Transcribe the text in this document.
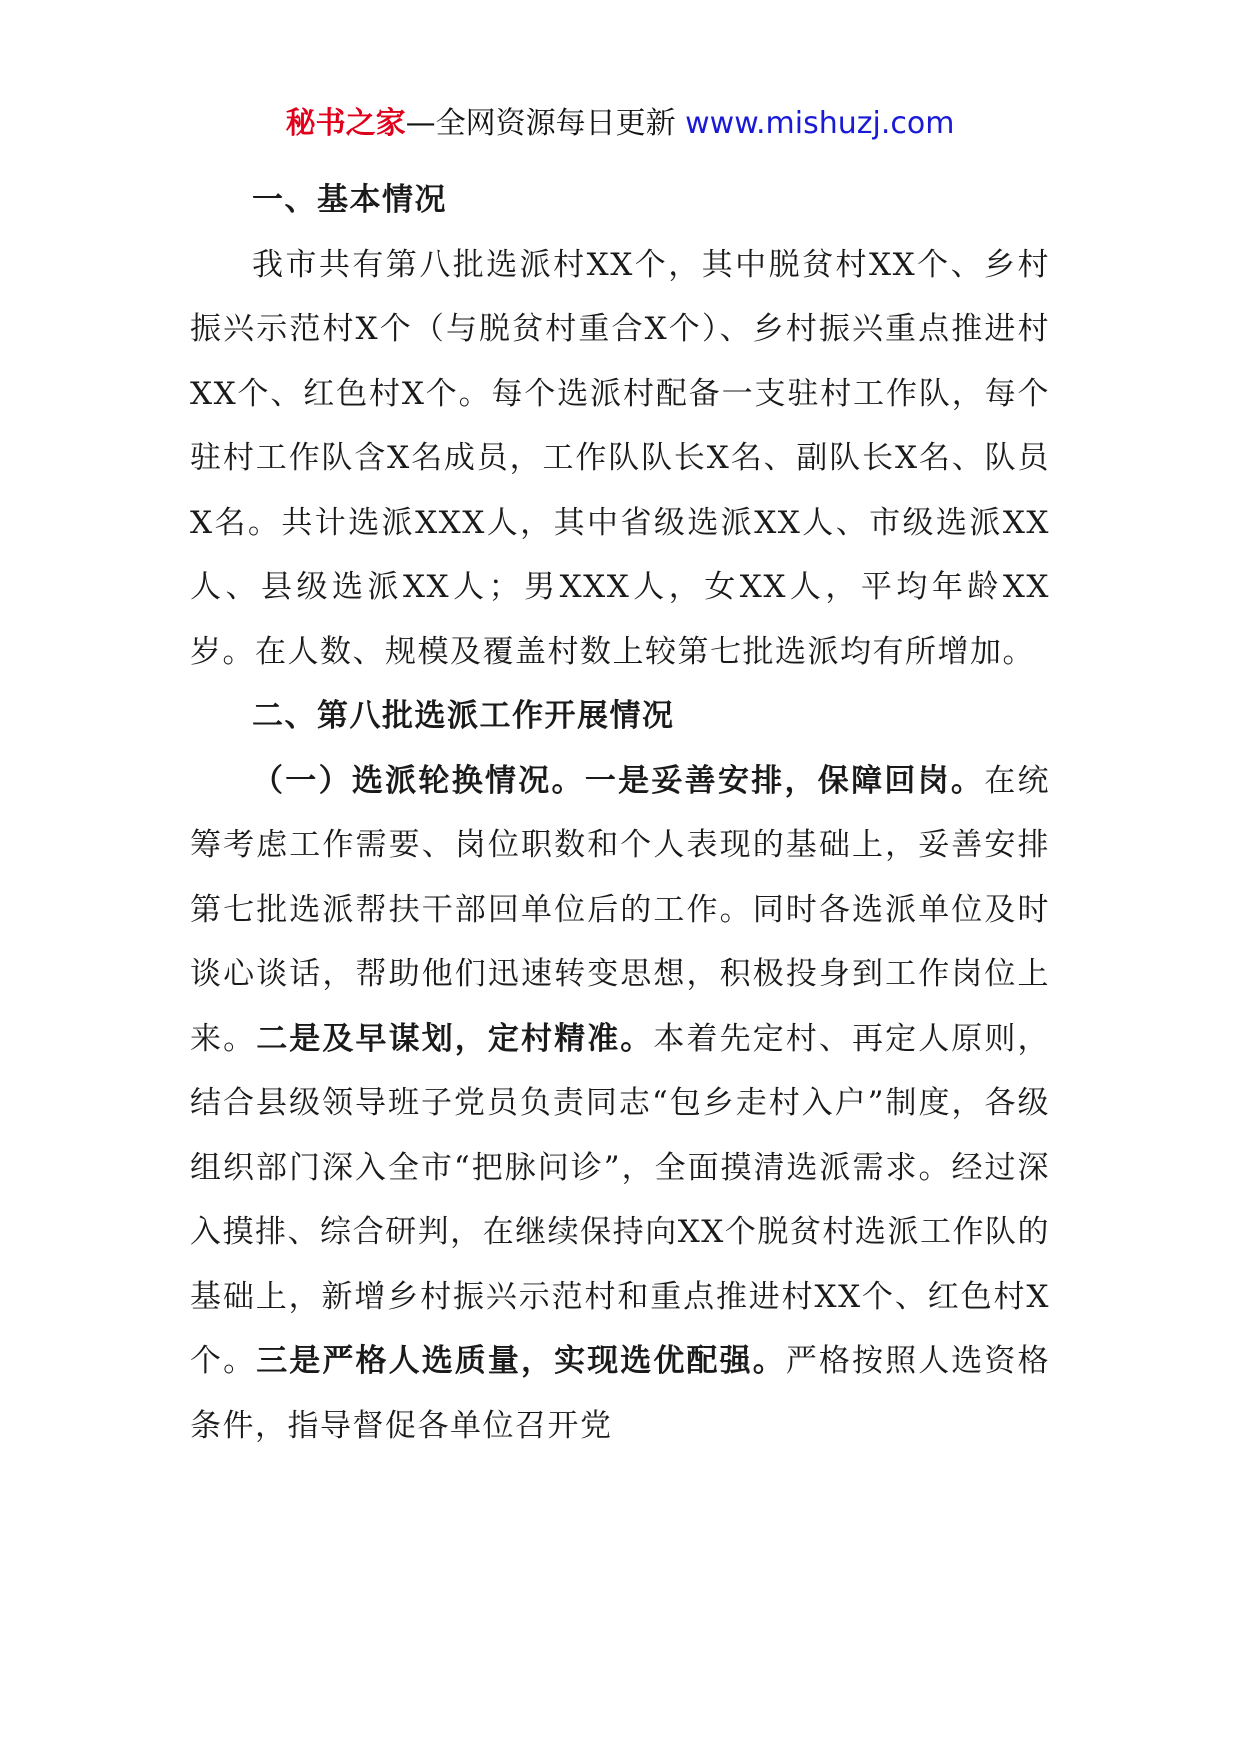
秘书之家—全网资源每日更新 www.mishuzj.com

一、基本情况

我市共有第八批选派村XX个，其中脱贫村XX个、乡村振兴示范村X个（与脱贫村重合X个）、乡村振兴重点推进村XX个、红色村X个。每个选派村配备一支驻村工作队，每个驻村工作队含X名成员，工作队队长X名、副队长X名、队员X名。共计选派XXX人，其中省级选派XX人、市级选派XX人、县级选派XX人；男XXX人，女XX人，平均年龄XX岁。在人数、规模及覆盖村数上较第七批选派均有所增加。

二、第八批选派工作开展情况

（一）选派轮换情况。一是妥善安排，保障回岗。在统筹考虑工作需要、岗位职数和个人表现的基础上，妥善安排第七批选派帮扶干部回单位后的工作。同时各选派单位及时谈心谈话，帮助他们迅速转变思想，积极投身到工作岗位上来。二是及早谋划，定村精准。本着先定村、再定人原则，结合县级领导班子党员负责同志“包乡走村入户”制度，各级组织部门深入全市“把脉问诊”，全面摸清选派需求。经过深入摸排、综合研判，在继续保持向XX个脱贫村选派工作队的基础上，新增乡村振兴示范村和重点推进村XX个、红色村X个。三是严格人选质量，实现选优配强。严格按照人选资格条件，指导督促各单位召开党
